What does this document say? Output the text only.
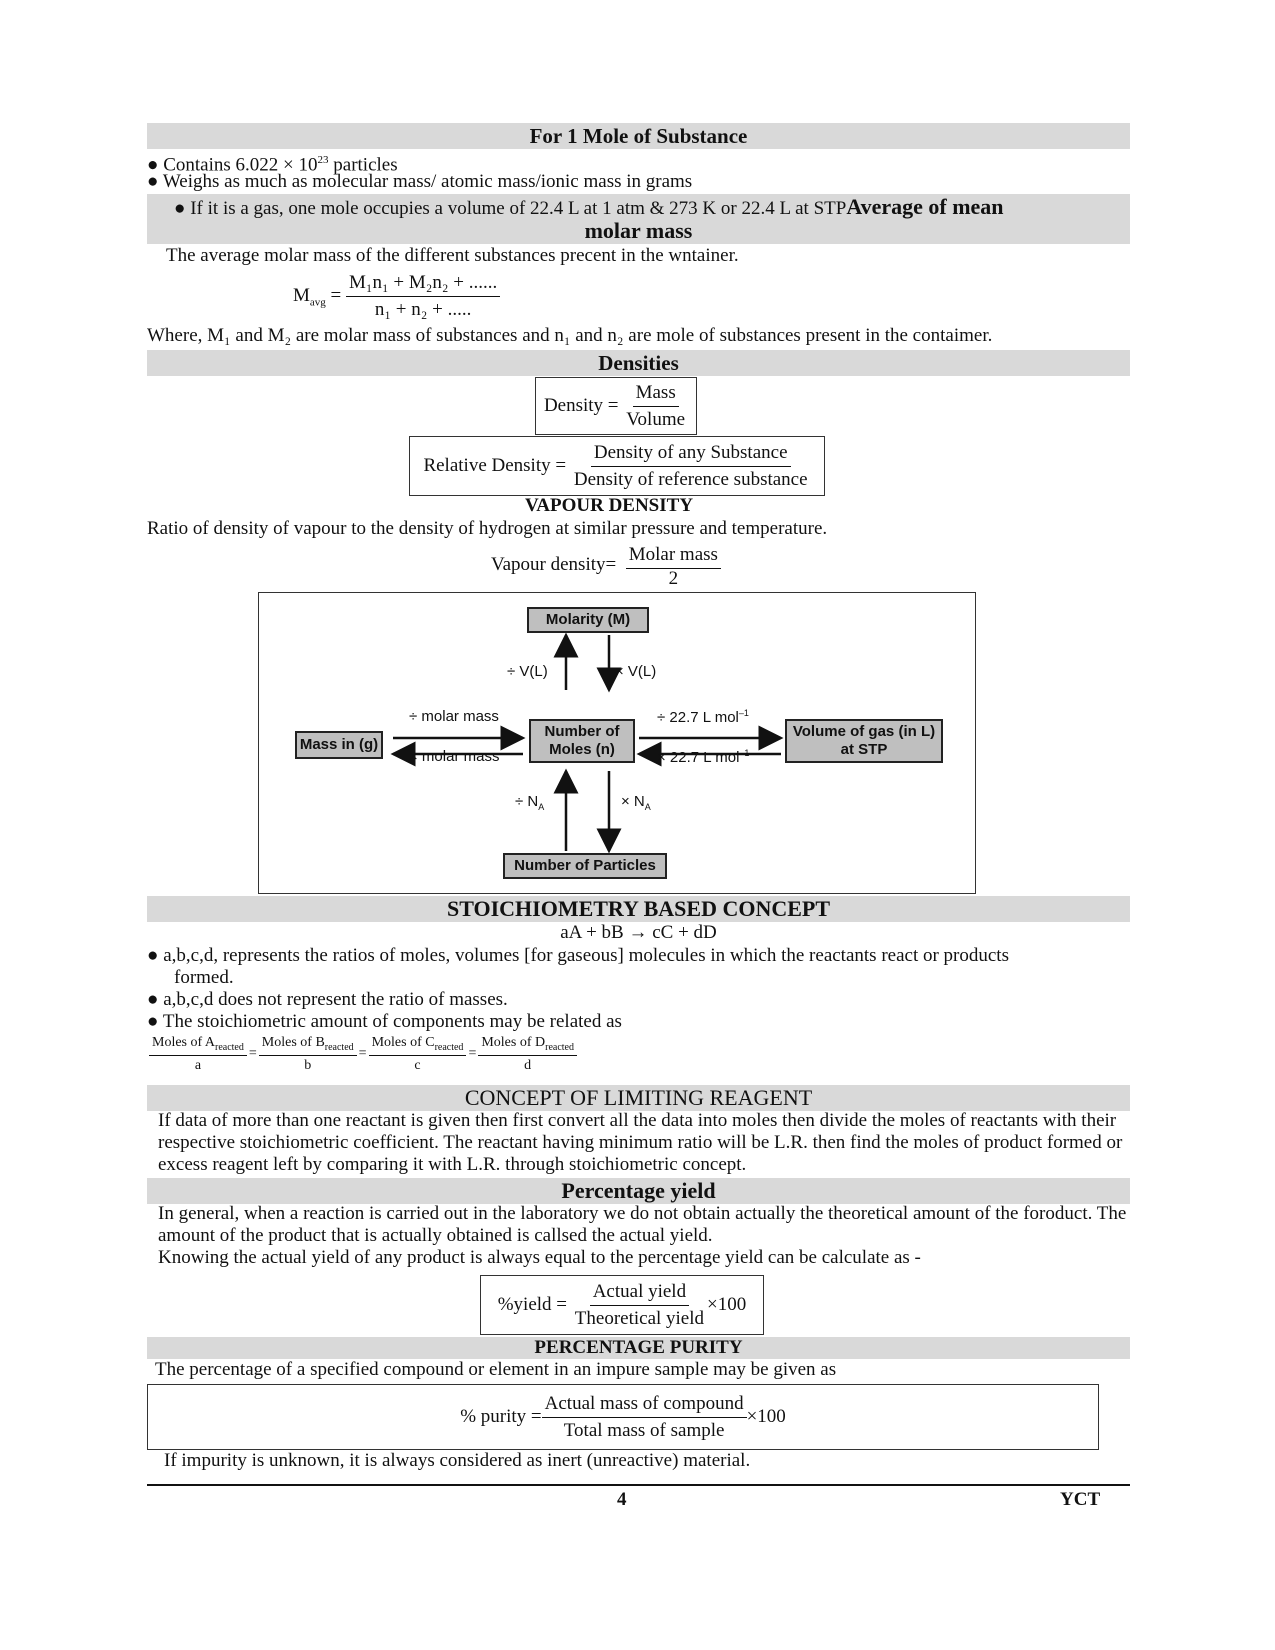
For 1 Mole of Substance
● Contains $6.022 \times 10^{23}$ particles
● Weighs as much as molecular mass/ atomic mass/ionic mass in grams
● If it is a gas, one mole occupies a volume of 22.4 L at 1 atm & 273 K or 22.4 L at STPAverage of mean
molar mass
The average molar mass of the different substances precent in the wntainer.
$M_{avg} = \frac{\text{M₁n₁ + M₂n₂ + ......}}{\text{n₁ + n₂ + .....}}$
Where, M₁ and M₂ are molar mass of substances and n₁ and n₂ are mole of substances present in the contaimer.
Densities
Density =
$\frac{\text{Mass}}{\text{Volume}}$
Relative Density =
$\frac{\text{Density of any Substance}}{\text{Density of reference substance}}$
VAPOUR DENSITY
Ratio of density of vapour to the density of hydrogen at similar pressure and temperature.
Vapour density= $\frac{\text{Molar mass}}{2}$
Molarity (M)
Mass in (g)
Number of
Moles (n)
Volume of gas (in L)
at STP
Number of Particles
÷ V(L)	× V(L)
÷ molar mass
× molar mass
÷ 22.7 L mol$^{-1}$
× 22.7 L mol$^{-1}$
÷ $N_A$	× $N_A$
STOICHIOMETRY BASED CONCEPT
aA + bB → cC + dD
● a,b,c,d, represents the ratios of moles, volumes [for gaseous] molecules in which the reactants react or products
formed.
● a,b,c,d does not represent the ratio of masses.
● The stoichiometric amount of components may be related as
$\frac{Moles of A_{reacted}}{a} = \frac{Moles of B_{reacted}}{b} = \frac{Moles of C_{reacted}}{c} = \frac{Moles of D_{reacted}}{d}$
CONCEPT OF LIMITING REAGENT
If data of more than one reactant is given then first convert all the data into moles then divide the moles of reactants with their respective stoichiometric coefficient. The reactant having minimum ratio will be L.R. then find the moles of product formed or excess reagent left by comparing it with L.R. through stoichiometric concept.
Percentage yield
In general, when a reaction is carried out in the laboratory we do not obtain actually the theoretical amount of the foroduct. The amount of the product that is actually obtained is callsed the actual yield.
Knowing the actual yield of any product is always equal to the percentage yield can be calculate as -
%yield =
$\frac{\text{Actual yield}}{\text{Theoretical yield}} \times 100$
PERCENTAGE PURITY
The percentage of a specified compound or element in an impure sample may be given as
% purity = $\frac{\text{Actual mass of compound}}{\text{Total mass of sample}} \times 100$
If impurity is unknown, it is always considered as inert (unreactive) material.
4	YCT
